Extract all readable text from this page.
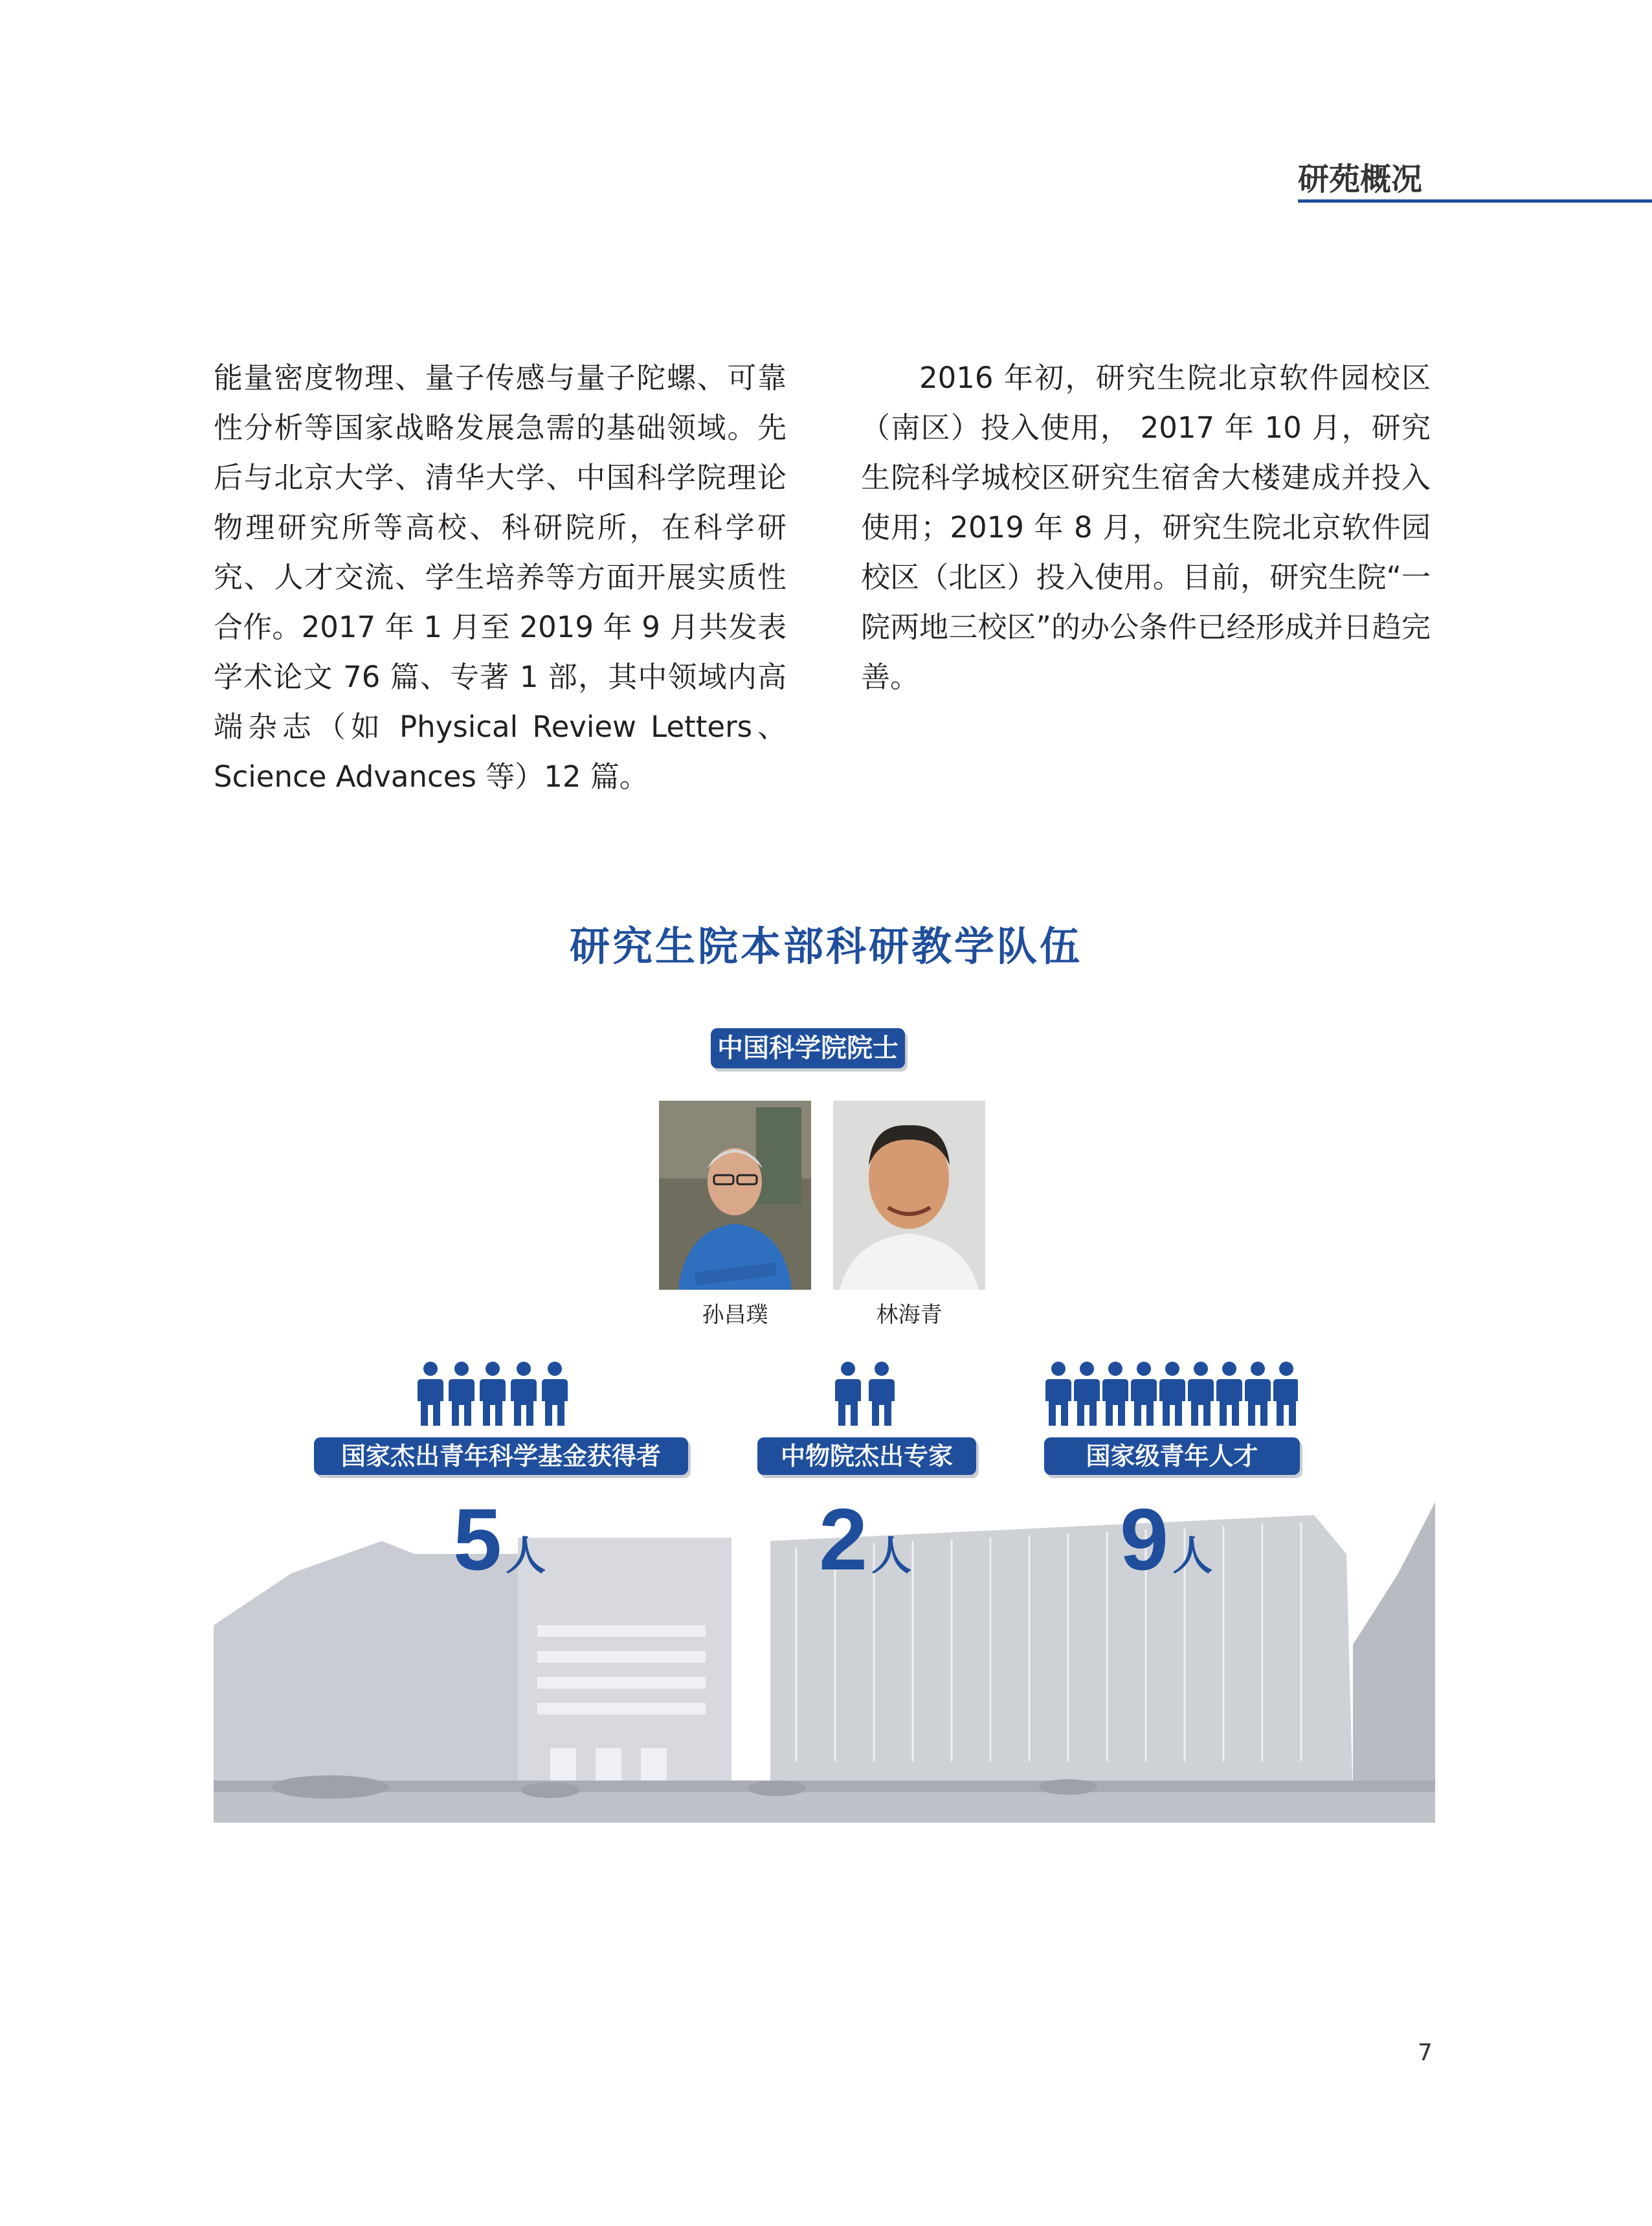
研苑概况

能量密度物理、量子传感与量子陀螺、可靠性分析等国家战略发展急需的基础领域。先后与北京大学、清华大学、中国科学院理论物理研究所等高校、科研院所，在科学研究、人才交流、学生培养等方面开展实质性合作。2017 年 1 月至 2019 年 9 月共发表学术论文 76 篇、专著 1 部，其中领域内高端杂志（如 Physical Review Letters、Science Advances 等）12 篇。

2016 年初，研究生院北京软件园校区（南区）投入使用， 2017 年 10 月，研究生院科学城校区研究生宿舍大楼建成并投入使用；2019 年 8 月，研究生院北京软件园校区（北区）投入使用。目前，研究生院“一院两地三校区”的办公条件已经形成并日趋完善。

研究生院本部科研教学队伍
中国科学院院士
孙昌璞	林海青
国家杰出青年科学基金获得者	中物院杰出专家	国家级青年人才
5人	2人 9人
7
